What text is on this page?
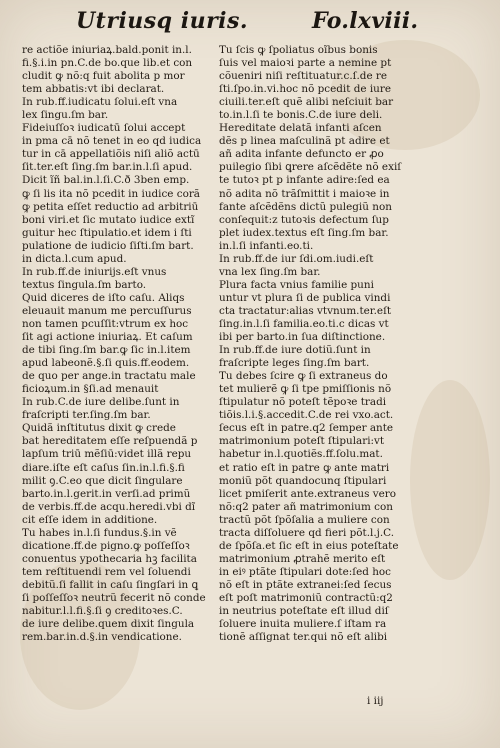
Utriusq iuris.	Fo.lxviii.
re actiõe iniuriaꝝ.bald.ponit in.l.
fi.§.i.in pn.C.de bo.que lib.et con
cludit ꝙ nõ:q fuit abolita p mor
tem abbatis:vt ibi declarat.
In rub.ff.iudicatu ſolui.eſt vna
lex ſingu.ſm bar.
Fideiuſſoꝛ iudicatū ſolui accept
in pma cā nõ tenet in eo qd iudica
tur in cā appellatiõis niſi aliõ actū
ſit.ter.eſt ſing.ſm bar.in.l.ſi apud.
Dicit ĩñ bal.in.l.ſi.C.ð 3ben emp.
ꝙ ſi lis ita nõ pcedit in iudice corã
ꝙ petita eſſet reductio ad arbitriū
boni viri.et ſic mutato iudice extĩ
guitur hec ſtipulatio.et idem i ſti
pulatione de iudicio ſiſti.ſm bart.
in dicta.l.cum apud.
In rub.ff.de iniurijs.eſt vnus
textus ſingula.ſm barto.
Quid diceres de iſto caſu. Aliqs
eleuauit manum me percuſſurus
non tamen pcuſſit:vtrum ex hoc
ſit agi actione iniuriaꝝ. Et caſum
de tibi ſing.ſm bar.ꝙ ſic in.l.item
apud labeonẽ.§.ſi quis.ff.eodem.
de quo per ange.in tractatu male
ficioꝝum.in §ſi.ad menauit
In rub.C.de iure delibe.ſunt in
fraſcripti ter.ſing.ſm bar.
Quidã inſtitutus dixit ꝙ crede
bat hereditatem eſſe reſpuendã p
lapſum triū mẽſiū:videt illã repu
diare.iſte eſt caſus ſin.in.l.fi.§.fi
milit ꝯ.C.eo que dicit ſingulare
barto.in.l.gerit.in verſi.ad primũ
de verbis.ff.de acqu.heredi.vbi dĩ
cit eſſe idem in additione.
Tu habes in.l.ſi fundus.§.in vẽ
dicatione.ff.de pigno.ꝙ poſſeſſoꝛ
conuentus ypothecaria hꝫ facilita
tem reſtituendi rem vel ſoluendi
debitũ.ſi fallit in caſu ſingſari in ꝗ
ſi poſſeſſoꝛ neutrũ fecerit nõ conde
nabitur.l.l.fi.§.ſi ꝯ creditoꝛes.C.
de iure delibe.quem dixit ſingula
rem.bar.in.d.§.in vendicatione.
Tu ſcis ꝙ ſpoliatus oĩbus bonis
ſuis vel maioꝛi parte a nemine pt
cõueniri niſi reſtituatur.c.ſ.de re
ſti.ſpo.in.vi.hoc nõ pcedit de iure
ciuili.ter.eſt quẽ alibi neſciuit bar
to.in.l.ſi te bonis.C.de iure deli.
Hereditate delatã infanti aſcen
dẽs p linea maſculinã pt adire et
añ adita infante defuncto er ꝓo
puilegio ſibi ꝗrere aſcẽdẽte nõ exiſ
te tutoꝛ pt p infante adire:ſed ea
nõ adita nõ trãſmittit i maioꝛe in
fante aſcẽdẽns dictũ pulegiũ non
conſequit:z tutoꝛis defectum ſup
plet iudex.textus eſt ſing.ſm bar.
in.l.ſi infanti.eo.ti.
In rub.ff.de iur ſdi.om.iudi.eſt
vna lex ſing.ſm bar.
Plura facta vnius familie puni
untur vt plura ſi de publica vindi
cta tractatur:alias vtvnum.ter.eſt
ſing.in.l.ſi familia.eo.ti.c dicas vt
ibi per barto.in ſua diſtinctione.
In rub.ff.de iure dotiũ.ſunt in
fraſcripte leges ſing.ſm bart.
Tu debes ſcire ꝙ ſi extraneus do
tet mulierẽ ꝙ ſi tpe pmiſſionis nõ
ſtipulatur nõ poteſt tẽpoꝛe tradi
tiõis.l.i.§.accedit.C.de rei vxo.act.
ſecus eſt in patre.q2 ſemper ante
matrimonium poteſt ſtipulari:vt
habetur in.l.quotiẽs.ff.ſolu.mat.
et ratio eſt in patre ꝙ ante matri
moniũ põt quandocunq ſtipulari
licet pmiſerit ante.extraneus vero
nõ:q2 pater añ matrimonium con
tractũ põt ſpõſalia a muliere con
tracta diſſoluere qd fieri põt.l.j.C.
de ſpõſa.et ſic eſt in eius poteſtate
matrimonium ꝓtrahẽ merito eſt
in eiꝰ ptãte ſtipulari dote:ſed hoc
nõ eſt in ptãte extranei:ſed ſecus
eſt poſt matrimoniũ contractũ:q2
in neutrius poteſtate eſt illud diſ
ſoluere inuita muliere.ſ iſtam ra
tionẽ aſſignat ter.qui nõ eſt alibi
i iij
